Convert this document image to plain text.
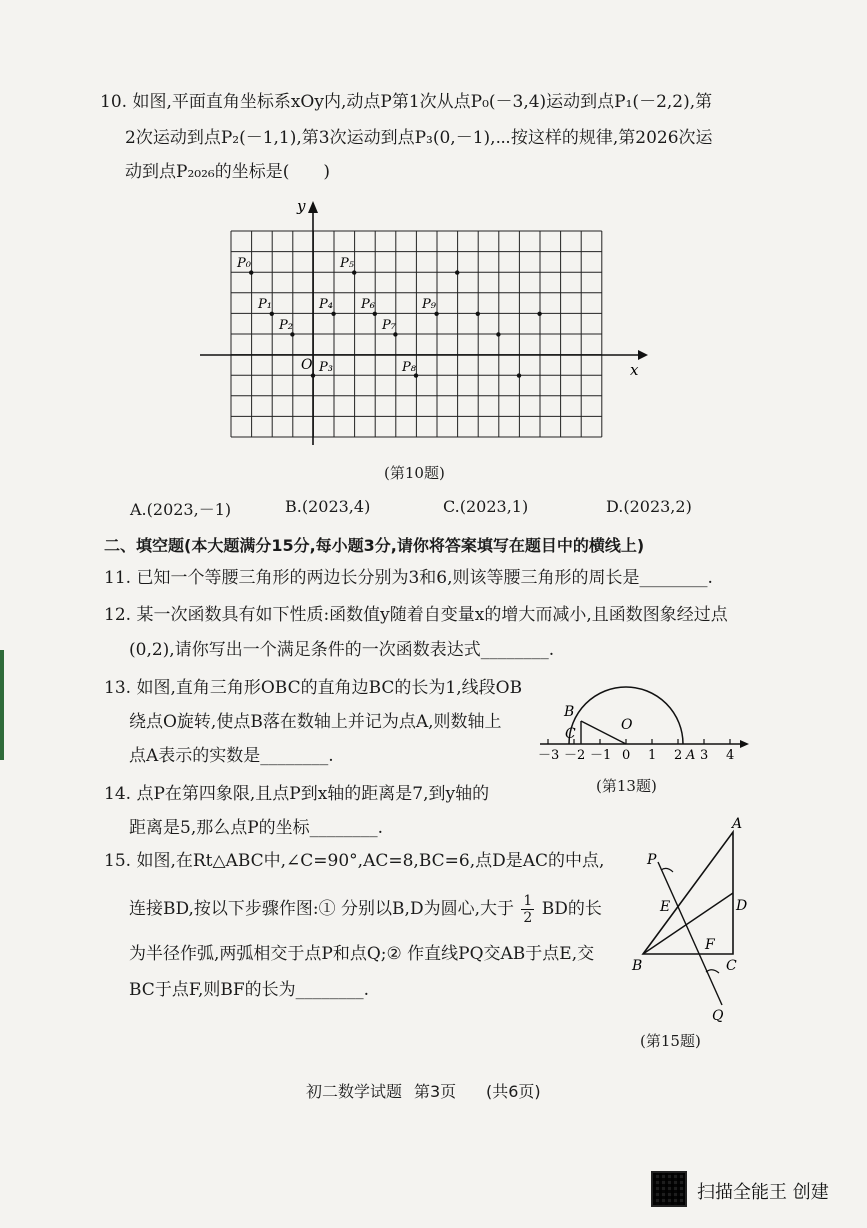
10. 如图,平面直角坐标系xOy内,动点P第1次从点P₀(－3,4)运动到点P₁(－2,2),第
2次运动到点P₂(－1,1),第3次运动到点P₃(0,－1),⋯按这样的规律,第2026次运
动到点P₂₀₂₆的坐标是(　　)
y
x
O
P₀
P₁
P₂
P₃
P₄
P₅
P₆
P₇
P₈
P₉
(第10题)
A.(2023,－1)	B.(2023,4)	C.(2023,1)	D.(2023,2)
二、填空题(本大题满分15分,每小题3分,请你将答案填写在题目中的横线上)
11. 已知一个等腰三角形的两边长分别为3和6,则该等腰三角形的周长是________.
12. 某一次函数具有如下性质:函数值y随着自变量x的增大而减小,且函数图象经过点
(0,2),请你写出一个满足条件的一次函数表达式________.
13. 如图,直角三角形OBC的直角边BC的长为1,线段OB
绕点O旋转,使点B落在数轴上并记为点A,则数轴上
点A表示的实数是________.
B
C
O
A
－3 －2 －1 0 1 2 3 4
(第13题)
14. 点P在第四象限,且点P到x轴的距离是7,到y轴的
距离是5,那么点P的坐标________.
15. 如图,在Rt△ABC中,∠C=90°,AC=8,BC=6,点D是AC的中点,
连接BD,按以下步骤作图:① 分别以B,D为圆心,大于 $\frac{1}{2}$ BD的长
为半径作弧,两弧相交于点P和点Q;② 作直线PQ交AB于点E,交
BC于点F,则BF的长为________.
A
B	C
D
E
F
P
Q
(第15题)
初二数学试题 第3页 (共6页)
扫描全能王 创建
